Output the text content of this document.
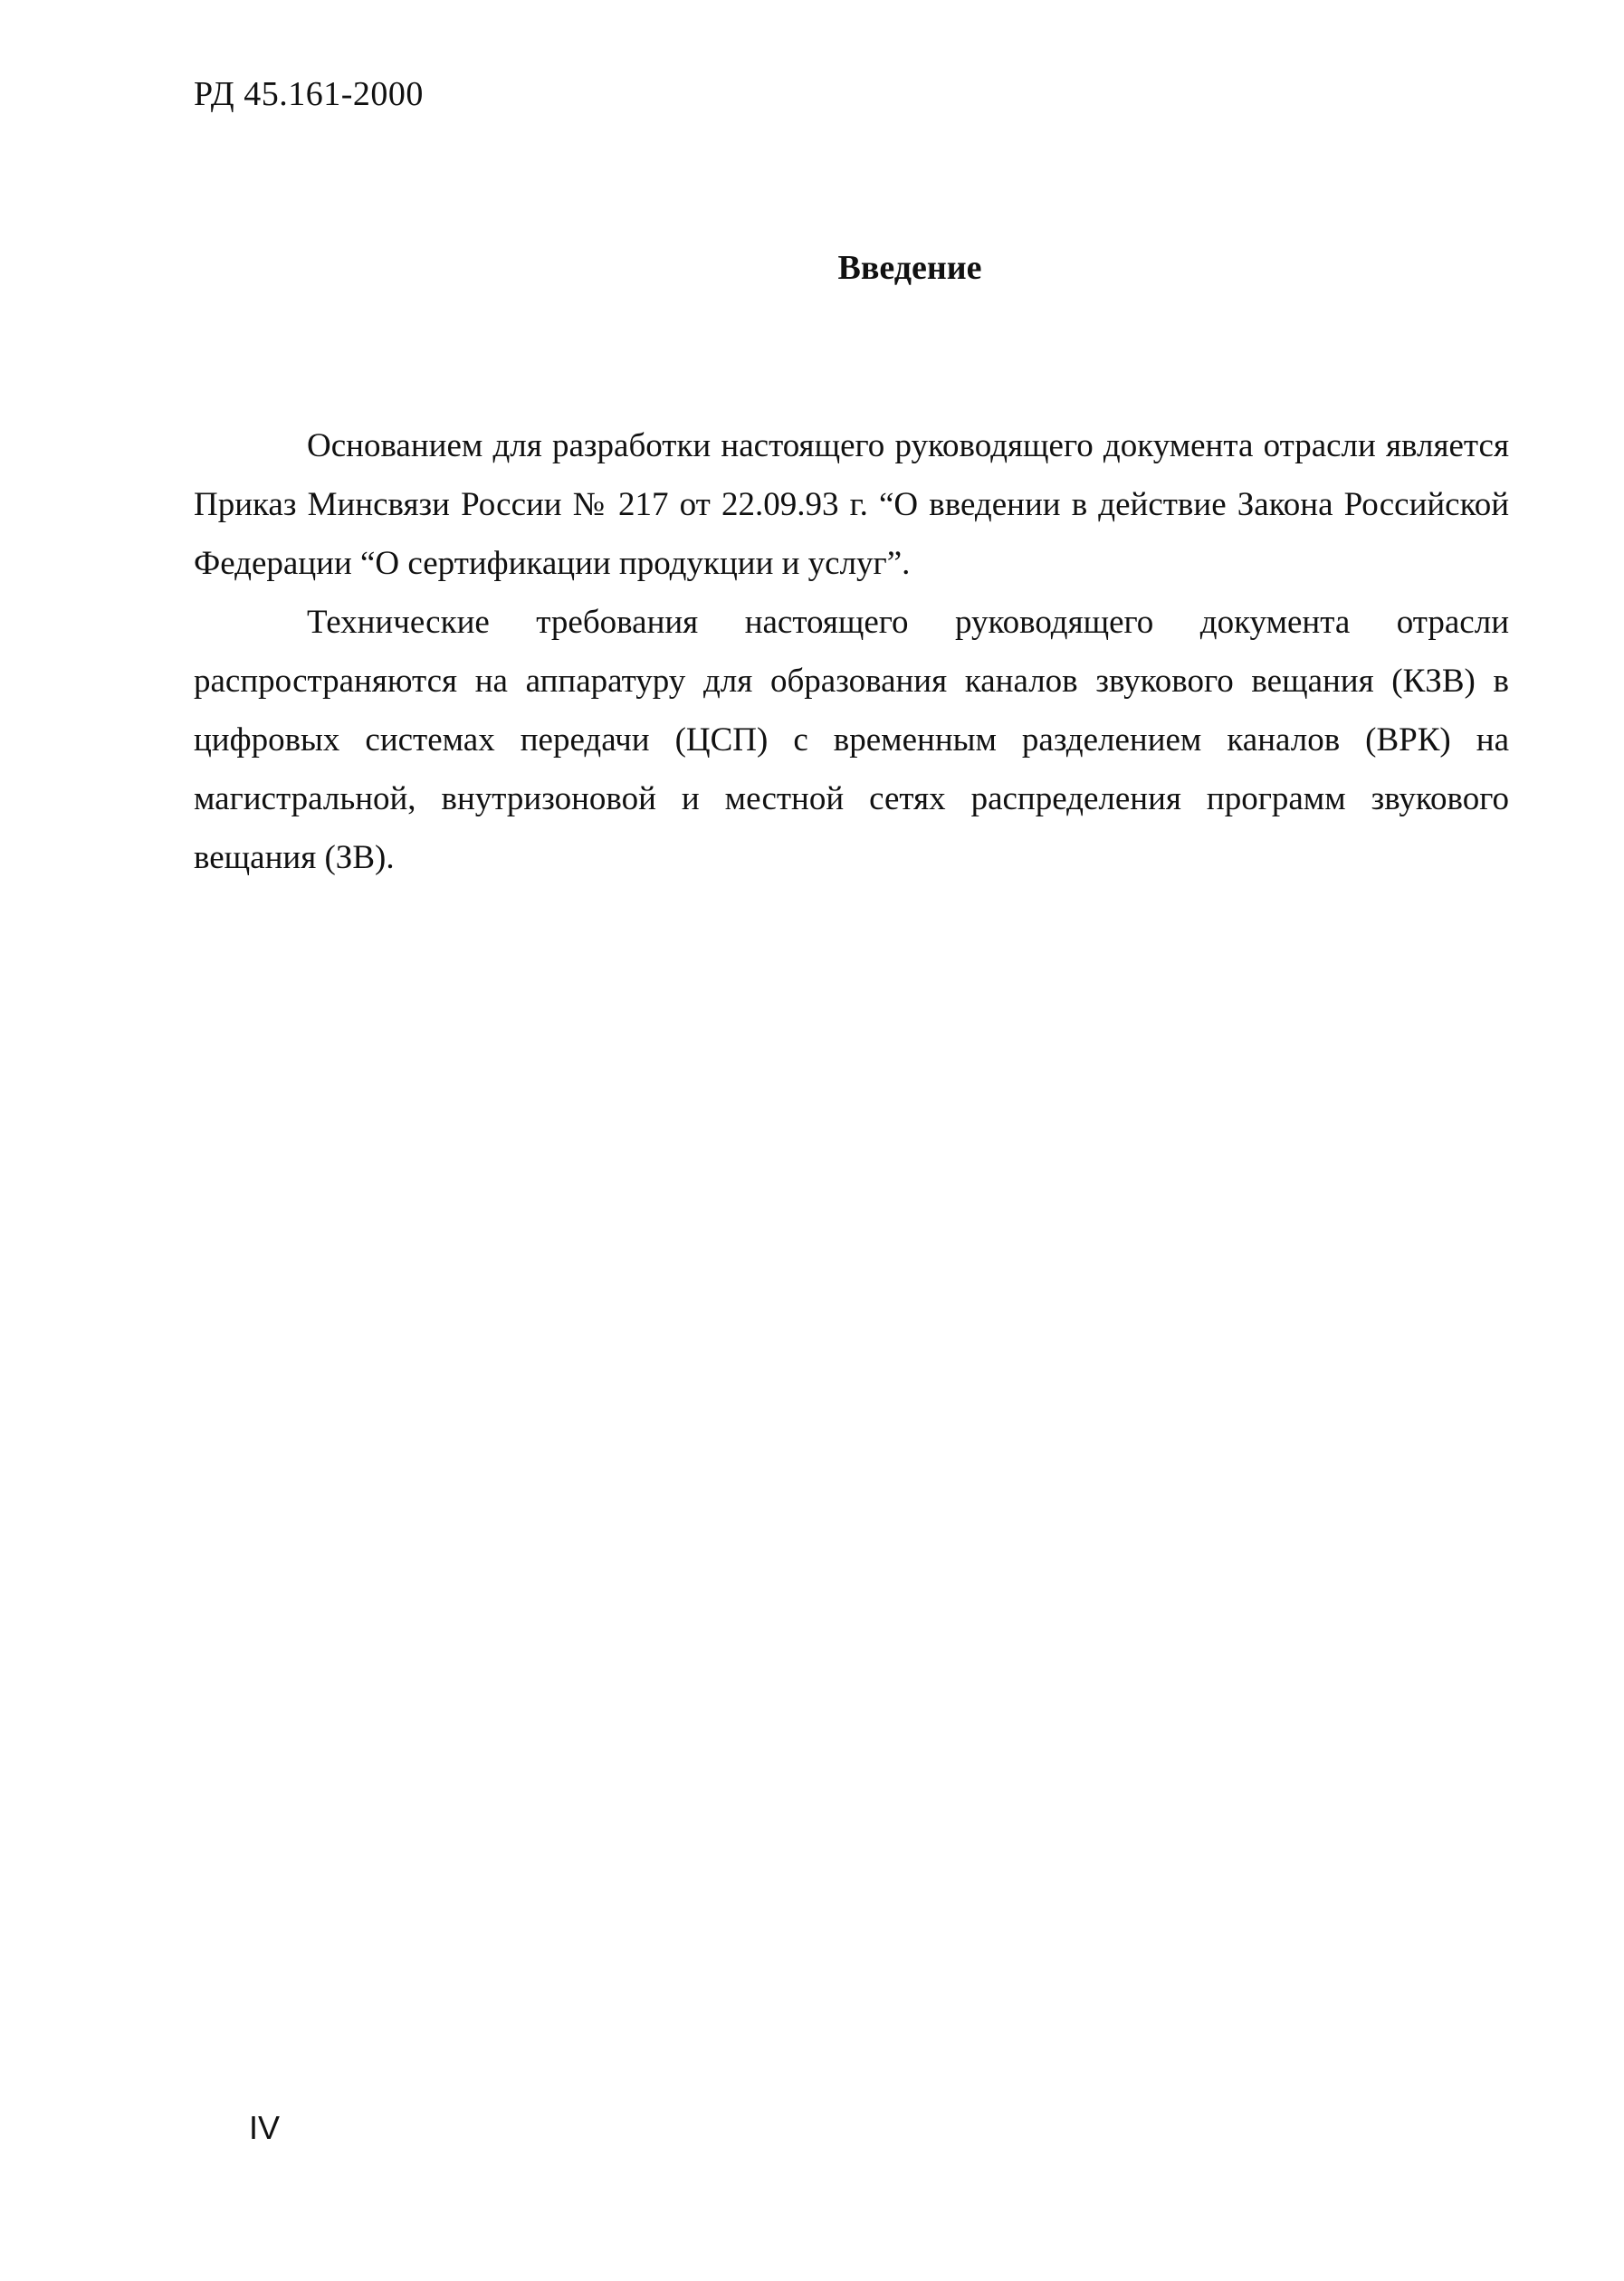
РД 45.161-2000
Введение

Основанием для разработки настоящего руководящего документа отрасли является Приказ Минсвязи России № 217 от 22.09.93 г. “О введении в действие Закона Российской Федерации “О сертификации продукции и услуг”.

Технические требования настоящего руководящего документа отрасли распространяются на аппаратуру для образования каналов звукового вещания (КЗВ) в цифровых системах передачи (ЦСП) с временным разделением каналов (ВРК) на магистральной, внутризоновой и местной сетях распределения программ звукового вещания (ЗВ).

IV
